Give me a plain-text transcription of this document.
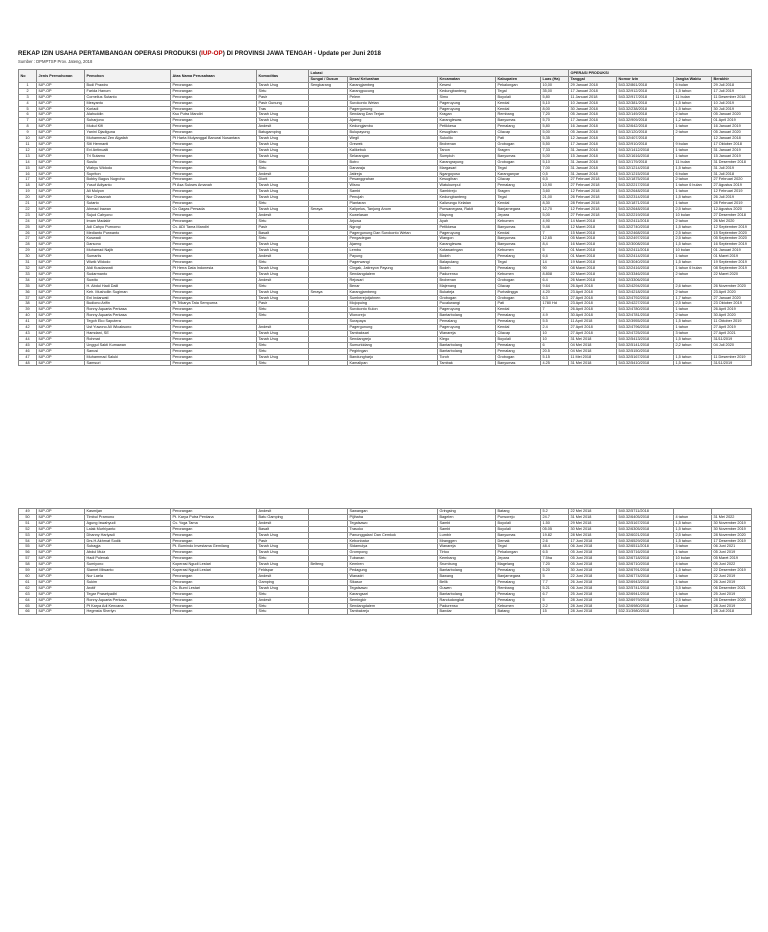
REKAP IZIN USAHA PERTAMBANGAN OPERASI PRODUKSI (IUP-OP) DI PROVINSI JAWA TENGAH - Update per Juni 2018
Sumber : DPMPTSP Prov. Jateng, 2018
No	Jenis Permohonan	Pemohon	Atas Nama Perusahaan	Komoditas	Lokasi					OPERASI PRODUKSI			
					Sungai / Dusun	Desa/ Kelurahan	Kecamatan	Kabupaten	Luas (Ha)	Tanggal	Nomor Izin	Jangka Waktu	Berakhir
1	IUP-OP	Budi Prawiro	Perorangan	Tanah Urug	Sengkarang	Karangjambeg	Kesesi	Pekalongan	10,00	29 Januari 2018	543.32/861/2018	6 bulan	29 Juli 2018
2	IUP-OP	Farida Hanum	Perorangan	Sirtu		Karangpucung	Kedungbanteng	Tegal	35,00	17 Januari 2018	543.32/912/2018	1,5 tahun	17 Juli 2019
3	IUP-OP	Cornelius Sutanto	Perorangan	Pasir		Pelem	Simo	Boyolali	5,80	11 Januari 2018	543.32/917/2018	11 bulan	11 Desember 2018
4	IUP-OP	Mesyanto	Perorangan	Pasir Gunung		Surokonto Wetan	Pageruyung	Kendal	5,10	10 Januari 2018	543.32/381/2018	1,5 tahun	10 Juli 2019
5	IUP-OP	Koriadi	Perorangan	Tras		Pagergunung	Pageruyung	Kendal	8,00	30 Januari 2018	543.32/238/2018	1,5 tahun	30 Juli 2019
6	IUP-OP	Alahuddin	Ksu Putra Mandiri	Tanah Urug		Sendang Dan Terjan	Kragan	Rembang	7,20	05 Januari 2018	543.32/149/2018	2 tahun	05 Januari 2020
7	IUP-OP	Suharjono	Perorangan	Tanah Urug		Ajaeng	Karanglewas	Banyumas	5,70	17 Januari 2018	543.32/909/2018	1,2 tahun	01 April 2019
8	IUP-OP	Mukul Kifi	Perorangan	Andesit		Kedungjambu	Petikkesa	Pemalang	5,80	16 Januari 2018	543.32/642/2018	1 tahun	16 Januari 2019
9	IUP-OP	Yanini Djadiguna	Perorangan	Batugamping		Bulupayung	Kesugihan	Cilacap	5,00	05 Januari 2018	543.32/120/2018	2 tahun	05 Januari 2020
10	IUP-OP	Muhammad Zen Algafah	Pt Harta Mulyanggal Banurai Nusantara	Tanah Urug		Wegil	Sukolilo	Pati	5,35	12 Januari 2018	543.32/407/2018		12 Januari 2018
11	IUP-OP	Siti Hermanti	Perorangan	Tanah Urug		Grewek	Brobenan	Grobogan	5,50	17 Januari 2018	543.32/910/2018	9 bulan	17 Oktober 2018
12	IUP-OP	Evi Antinuaiti	Perorangan	Tanah Urug		Kalikebuk	Tanon	Sragen	7,33	31 Januari 2018	543.32/1412/2018	1 tahun	31 Januari 2019
13	IUP-OP	Tri Sutarno	Perorangan	Tanah Urug		Selarangan	Sumpiuh	Banyumas	5,00	15 Januari 2018	543.32/1616/2018	1 tahun	15 Januari 2019
14	IUP-OP	Susilo	Perorangan	Sirtu		Botro	Karangrayung	Grobogan	5,10	31 Januari 2018	543.32/179/2018	11 bulan	31 Desember 2018
15	IUP-OP	Wahyu Widodo	Perorangan	Sirtu		Danaraja	Margasari	Tegal	7,00	31 Januari 2018	543.32/1214/2018	1,5 tahun	31 Juli 2019
16	IUP-OP	Supriton	Perorangan	Andesit		Jatireja	Ngargoyoso	Karanganyar	0,5	31 Januari 2018	543.32/1215/2018	6 bulan	31 Juli 2018
17	IUP-OP	Bobby Bagus Nugroho	Perorangan	Diorit		Pesanggrahan	Kesugihan	Cilacap	6,5	27 Februari 2018	543.32/1875/2018	2 tahun	27 Februari 2020
18	IUP-OP	Yusuf Adiyanto	Pt Asa Sukses Amanah	Tanah Urug		Wisnu	Watukumpul	Pemalang	10,90	27 Februari 2018	543.32/2217/2018	1 tahun 6 bulan	27 Agustus 2019
19	IUP-OP	Ali Mulyon	Perorangan	Tanah Urug		Sambi	Sambirejo	Sragen	3,60	12 Februari 2018	543.32/2648/2018	1 tahun	12 Februari 2019
20	IUP-OP	Nur Chasanah	Perorangan	Tanah Urug		Penujah	Kedungbanteng	Tegal	21,00	26 Februari 2018	543.32/2314/2018	1,5 tahun	26 Juli 2019
21	IUP-OP	Sutarto	Perorangan	Sirtu		Plantaran	Kaliwungu Kelatan	Kendal	8,30	28 Februari 2018	543.32/1871/2018	1 tahun	28 Februari 2019
22	IUP-OP	Ahmad Irawan	Cv Gagas Persada	Tanah Urug	Seraya	Kalipelus, Tanjung Anom	Purwanegara, Rakit	Banjarnegara	12,70	12 Februari 2018	543.32/2648/2018	2,5 tahun	12 Agustus 2020
23	IUP-OP	Sujud Cahyono	Perorangan	Andesit		Kuwelasan	Mayong	Jepara	5,00	27 Februari 2018	543.32/2219/2018	10 bulan	27 Desember 2018
24	IUP-OP	Imam Madakir	Perorangan	Sirtu		Arjuwa	Ayah	Kebumen	4,90	14 Maret 2018	543.32/2411/2018	2 tahun	26 Mei 2020
25	IUP-OP	Adi Cahyo Purnomo	Cv. ADI Tama Mandiri	Pasir		Ngrogi	Petikkesa	Banyumas	5,46	12 Maret 2018	543.32/2740/2018	1,5 tahun	12 September 2019
26	IUP-OP	Medianto Purwanto	Perorangan	Basalt		Pagergunung Dan Surokonto Wetan	Pageruyung	Kendal	7	15 Maret 2018	543.32/2468/2018	2,5 tahun	15 September 2020
27	IUP-OP	Kuswadi	Perorangan	Sirtu		Pengadegan	Wangon	Banyumas	12,65	05 Maret 2018	543.32/2497/2018	2,5 tahun	05 September 2020
28	IUP-OP	Darsono	Perorangan	Tanah Urug		Ajaeng	Karanglewas	Banyumas	8,4	16 Maret 2018	543.32/3008/2018	1,5 tahun	16 September 2019
29	IUP-OP	Muhamad Najib	Perorangan	Tanah Urug		Lembu	Kotawaringan	Kebumen	5	01 Maret 2018	543.32/2411/2018	10 bulan	01 Januari 2019
30	IUP-OP	Sumarlis	Perorangan	Andesit		Payung	Bodeh	Pemalang	6,6	01 Maret 2018	543.32/2414/2018	1 tahun	01 Maret 2019
31	IUP-OP	Wiwik Widodo	Perorangan	Sirtu		Pagerwangi	Balapulang	Tegal	14	19 Maret 2018	543.32/3040/2018	1,5 tahun	19 September 2019
32	IUP-OP	Aldi Kusdarwati	Pt Herra Data Indonesia	Tanah Urug		Cingak, Jatireyon Payung	Bodeh	Pemalang	90	08 Maret 2018	543.32/2416/2018	1 tahun 6 bulan	08 September 2019
33	IUP-OP	Sudarmanto	Perorangan	Tanah Urug		Sendangdalem	Padurenso	Kebumen	8.808	22 Maret 2018	543.32/3346/2018	2 tahun	22 Maret 2020
34	IUP-OP	Suwito	Perorangan	Andesit		Rejosari	Brobenan	Grobogan	6.4	26 Maret 2018	543.32/3306/2018		
35	IUP-OP	H. Abdul Hadi Dalil	Perorangan	Sirtu		Benar	Majenang	Cilacap	9.64	26 April 2018	543.32/4294/2018	2,6 tahun	26 November 2020
36	IUP-OP	Keh. Mushollin Sugiman	Perorangan	Tanah Urug	Seraya	Karangjambeng	Bukateja	Purbalingga	4.20	23 April 2018	543.32/4218/2018	2 tahun	23 April 2020
37	IUP-OP	Eni Indarwati	Perorangan	Tanah Urug		Sumberejotjahnen	Grobogan	Grobogan	6.3	27 April 2018	543.32/4792/2018	1,7 tahun	27 Januari 2020
38	IUP-OP	Budiono Arifin	Pt Trikarya Tata Sempurna	Pasir		Mojopuing	Pucakwangi	Pati	1780 Hd	23 April 2018	543.32/4227/2018	2,5 tahun	23 Oktober 2019
39	IUP-OP	Ronny Aquarta Perkasa	Perorangan	Sirtu		Surokonto Kulon	Pageruyung	Kendal	7	26 April 2018	543.32/4780/2018	1 tahun	26 April 2019
40	IUP-OP	Ronny Aquarta Perkasa	Perorangan	Sirtu		Wonorejo	Bantarbolang	Pemalang	4.9	30 April 2018	543.32/4781/2018	2 tahun	30 April 2020
41	IUP-OP	Tegoh Eko Saputera	Perorangan			Surapaya	Pemalang	Pemalang	5.5	11 April 2018	543.32/3955/2018	1,5 tahun	11 Oktober 2019
42	IUP-OP	Ust Yuwono Ali Wicaksono	Perorangan	Andesit		Pagergunung	Pageruyung	Kendal	2.4	27 April 2018	543.32/4796/2018	1 tahun	27 April 2019
43	IUP-OP	Hamdani, SE	Perorangan	Tanah Urug		Tambaksari	Wanareja	Cilacap	10	27 April 2018	543.32/4725/2018	3 tahun	27 April 2021
44	IUP-OP	Rohmat	Perorangan	Tanah Urug		Sendangrejo	Klego	Boyolali	10	31 Mei 2018	540.32/5413/2018	1,5 tahun	31/11/2019
45	IUP-OP	Unggul Sakti Kumawan	Perorangan	Sirtu		Sumurkidang	Bantarbolang	Pemalang	6	04 Mei 2018	540.32/5141/2018	2,2 tahun	04 Juli 2020
46	IUP-OP	Sanusi	Perorangan	Sirtu		Pegiringan	Bantarbolang	Pemalang	20.5	04 Mei 2018	540.32/5150/2018		
47	IUP-OP	Muhammad Saluki	Perorangan	Tanah Urug		Bandungharjo	Toroh	Grobogan	5.15	11 Mei 2018	543.32/5167/2018	1,5 tahun	11 Desember 2019
48	IUP-OP	Samsuri	Perorangan	Sirtu		Kamalipan	Tambak	Banyumas	4.25	31 Mei 2018	543.32/5410/2018	1,5 tahun	31/11/2019
49	IUP-OP	Kasmijan	Perorangan	Andesit		Sawangan	Gringsing	Batang	5.2	22 Mei 2018	540.32/5711/2018		
50	IUP-OP	Timbul Pramono	Pt. Karya Putra Perdana	Batu Gamping		Pijihaha	Bagelen	Purworejo	24.7	31 Mei 2018	540.32/6405/2018	4 tahun	31 Mei 2022
51	IUP-OP	Agung Iswahyudi	Cv. Yoga Tama	Andesit		Tegalsawo	Sambi	Boyolali	1.50	29 Mei 2018	540.32/5167/2018	1,5 tahun	30 November 2019
52	IUP-OP	Lalak Murhiyanto	Perorangan	Basalt		Trasoko	Sambi	Boyolali	05.05	30 Mei 2018	540.32/6305/2018	1,5 tahun	30 November 2019
53	IUP-OP	Dhanny Hariyadi	Perorangan	Tanah Urug		Panunggalan/ Dan Cemkok	Lumbir	Banyumas	19.82	28 Mei 2018	540.32/6021/2018	2,5 tahun	28 November 2020
54	IUP-OP	Drs.H.Akhmat Sodik	Perorangan	Pasir		Kebonbatur	Mranggen	Demak	2.6	17 Juni 2018	540.32/6529/2018	1,5 tahun	17 Desember 2019
55	IUP-OP	Subagja	Pt. Bumindo Investama Gemilang	Tanah Urug		Sidamulya	Wanareja	Tegal	48.4	06 Juni 2018	540.32/6511/2018	3 tahun	06 Juni 2021
56	IUP-OP	Abdul Muiz	Perorangan	Tanah Urug		Grompong	Tirtoo	Pekalongan	6.5	05 Juni 2018	540.32/5716/2018	1 tahun	05 Juni 2019
57	IUP-OP	Hadi Pulenak	Perorangan	Sirtu		Tubanan	Kembang	Jepara	7.5ha	05 Juni 2018	540.32/6718/2018	10 bulan	05 Maret 2019
58	IUP-OP	Sumiyono	Koperasi Ngudi Lestari	Tanah Urug	Belteng	Kemiren	Srumbung	Magelang	7.20	05 Juni 2018	540.32/6710/2018	4 tahun	05 Juni 2022
59	IUP-OP	Slamet Miwanto	Koperasi Ngudi Lestari	Feldspar		Pedagung	Bantarbolang	Pemalang	5.20	30 Juni 2018	540.32/6791/2018	1,5 tahun	22 Desember 2019
60	IUP-OP	Nur Laela	Perorangan	Andesit		Wanadri	Bawang	Banjarnegara	5	22 Juni 2018	540.32/6774/2018	1 tahun	22 Juni 2019
61	IUP-OP	Sukim	Perorangan	Gamping		Sikasur	Belik	Pemalang	7.7	26 Juni 2018	540.32/6943/2018	1 tahun	26 Juni 2019
62	IUP-OP	Arotif	Cv. Bumi Lestari	Tanah Urug		Tegalsawo	Guwen	Rembang	5.21	06 Juni 2018	540.32/5741/2018	3,5 tahun	06 Desember 2021
63	IUP-OP	Tegar Prasetyadhi	Perorangan	Sirtu		Karangsari	Bantarbolang	Pemalang	6.7	25 Juni 2018	540.32/6941/2018	1 tahun	25 Juni 2019
64	IUP-OP	Ronny Aquarta Perkasa	Perorangan	Andesit		Semingkir	Randudongkal	Pemalang	5	28 Juni 2018	540.32/6979/2018	2,5 tahun	28 Desember 2020
65	IUP-OP	Pt Karya Adi Kencana	Perorangan	Sirtu		Sendangdalem	Padurenso	Kebumen	2.2	28 Juni 2018	540.32/6980/2018	1 tahun	28 Juni 2019
66	IUP-OP	Hegmsta Sherlyn	Perorangan	Sirtu		Tambakrejo	Bandar	Batang	15	28 Juni 2018	532.31/3980/2018		28 Juli 2018
